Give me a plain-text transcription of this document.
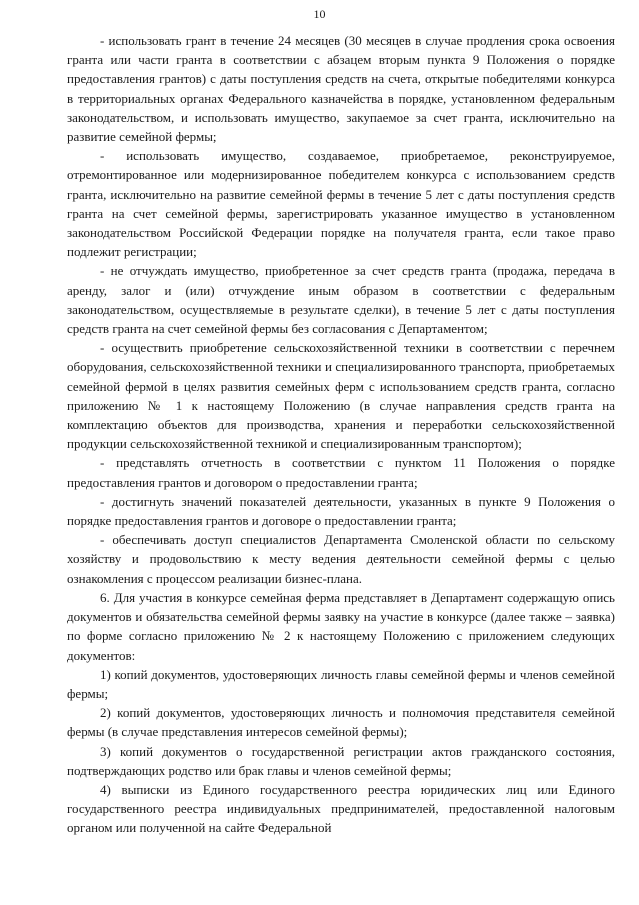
10

- использовать грант в течение 24 месяцев (30 месяцев в случае продления срока освоения гранта или части гранта в соответствии с абзацем вторым пункта 9 Положения о порядке предоставления грантов) с даты поступления средств на счета, открытые победителями конкурса в территориальных органах Федерального казначейства в порядке, установленном федеральным законодательством, и использовать имущество, закупаемое за счет гранта, исключительно на развитие семейной фермы;

- использовать имущество, создаваемое, приобретаемое, реконструируемое, отремонтированное или модернизированное победителем конкурса с использованием средств гранта, исключительно на развитие семейной фермы в течение 5 лет с даты поступления средств гранта на счет семейной фермы, зарегистрировать указанное имущество в установленном законодательством Российской Федерации порядке на получателя гранта, если такое право подлежит регистрации;

- не отчуждать имущество, приобретенное за счет средств гранта (продажа, передача в аренду, залог и (или) отчуждение иным образом в соответствии с федеральным законодательством, осуществляемые в результате сделки), в течение 5 лет с даты поступления средств гранта на счет семейной фермы без согласования с Департаментом;

- осуществить приобретение сельскохозяйственной техники в соответствии с перечнем оборудования, сельскохозяйственной техники и специализированного транспорта, приобретаемых семейной фермой в целях развития семейных ферм с использованием средств гранта, согласно приложению № 1 к настоящему Положению (в случае направления средств гранта на комплектацию объектов для производства, хранения и переработки сельскохозяйственной продукции сельскохозяйственной техникой и специализированным транспортом);

- представлять отчетность в соответствии с пунктом 11 Положения о порядке предоставления грантов и договором о предоставлении гранта;

- достигнуть значений показателей деятельности, указанных в пункте 9 Положения о порядке предоставления грантов и договоре о предоставлении гранта;

- обеспечивать доступ специалистов Департамента Смоленской области по сельскому хозяйству и продовольствию к месту ведения деятельности семейной фермы с целью ознакомления с процессом реализации бизнес-плана.

6. Для участия в конкурсе семейная ферма представляет в Департамент содержащую опись документов и обязательства семейной фермы заявку на участие в конкурсе (далее также – заявка) по форме согласно приложению № 2 к настоящему Положению с приложением следующих документов:

1) копий документов, удостоверяющих личность главы семейной фермы и членов семейной фермы;

2) копий документов, удостоверяющих личность и полномочия представителя семейной фермы (в случае представления интересов семейной фермы);

3) копий документов о государственной регистрации актов гражданского состояния, подтверждающих родство или брак главы и членов семейной фермы;

4) выписки из Единого государственного реестра юридических лиц или Единого государственного реестра индивидуальных предпринимателей, предоставленной налоговым органом или полученной на сайте Федеральной
